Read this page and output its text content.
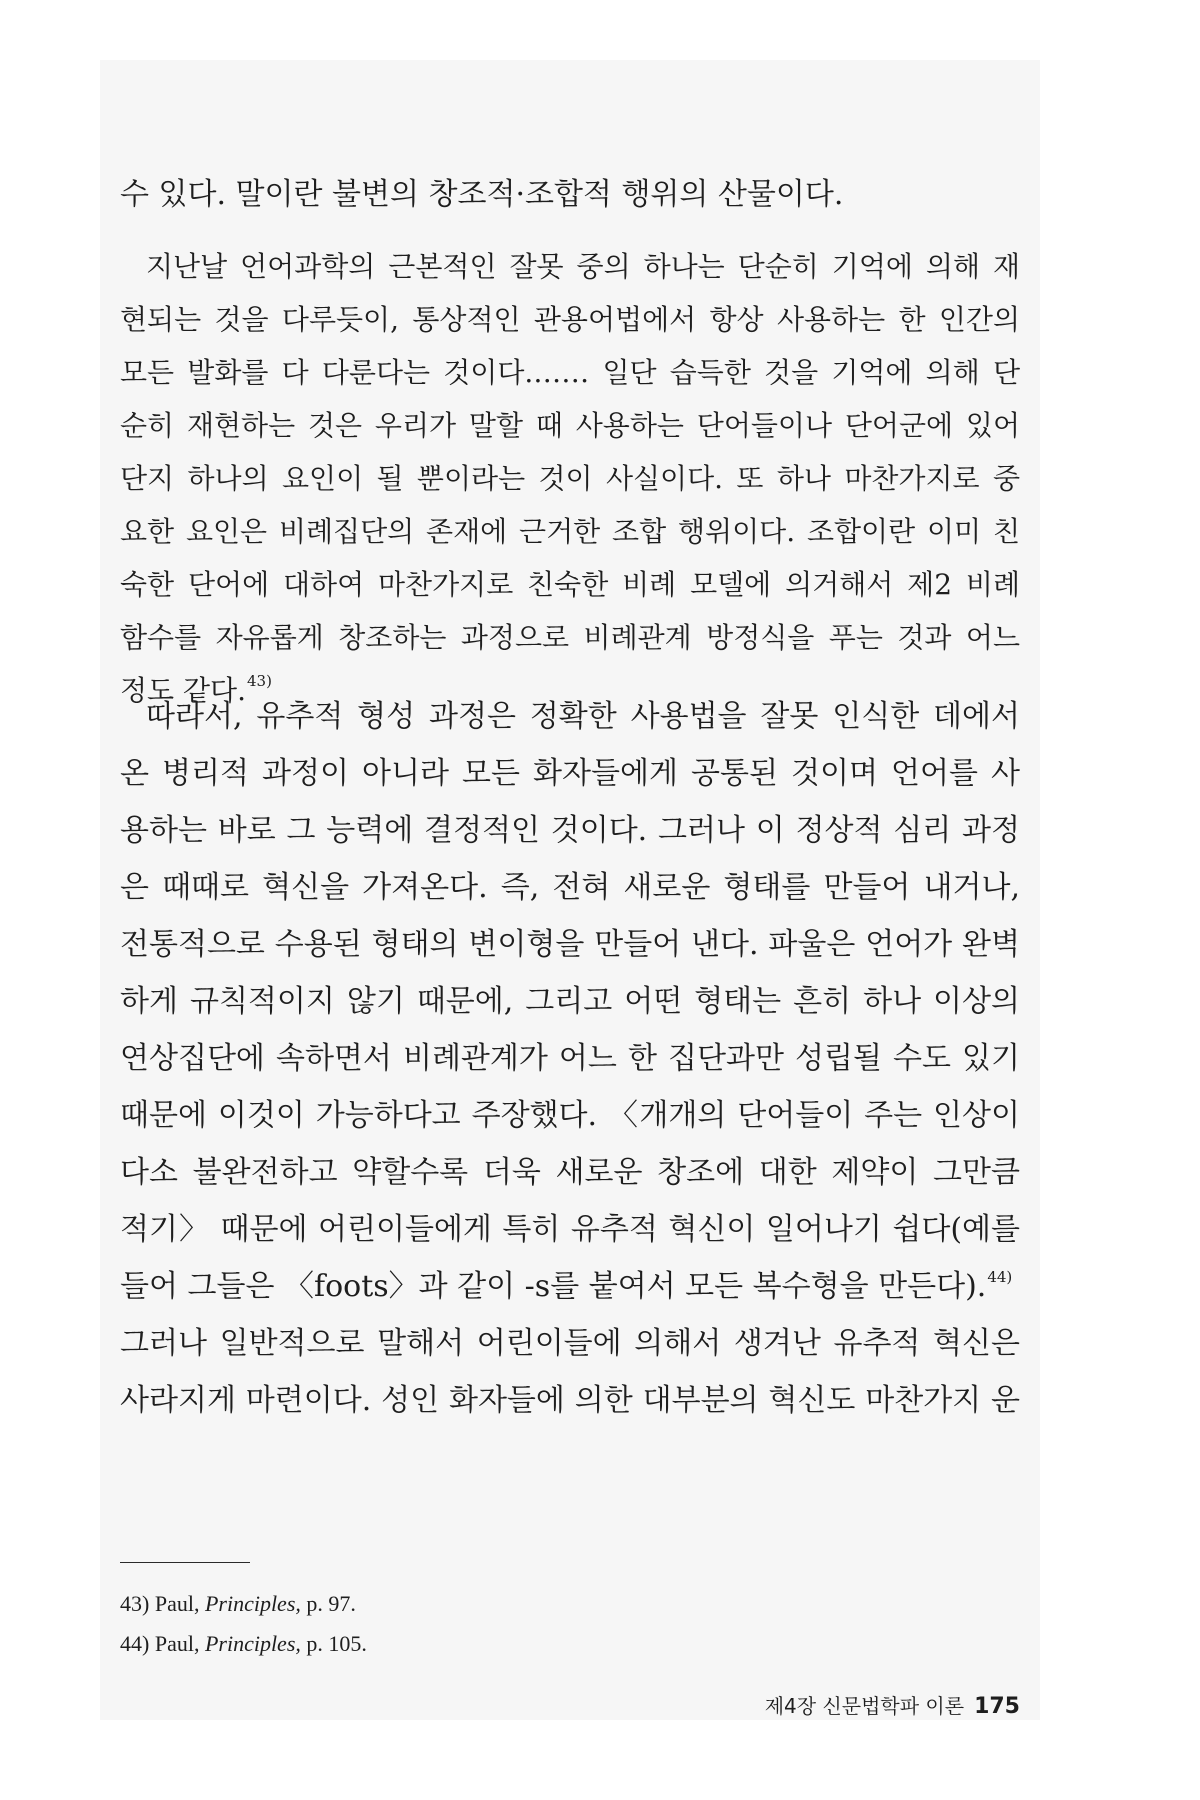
수 있다. 말이란 불변의 창조적·조합적 행위의 산물이다.
지난날 언어과학의 근본적인 잘못 중의 하나는 단순히 기억에 의해 재
현되는 것을 다루듯이, 통상적인 관용어법에서 항상 사용하는 한 인간의
모든 발화를 다 다룬다는 것이다.…… 일단 습득한 것을 기억에 의해 단
순히 재현하는 것은 우리가 말할 때 사용하는 단어들이나 단어군에 있어
단지 하나의 요인이 될 뿐이라는 것이 사실이다. 또 하나 마찬가지로 중
요한 요인은 비례집단의 존재에 근거한 조합 행위이다. 조합이란 이미 친
숙한 단어에 대하여 마찬가지로 친숙한 비례 모델에 의거해서 제2 비례
함수를 자유롭게 창조하는 과정으로 비례관계 방정식을 푸는 것과 어느
정도 같다.$^{43)}$
따라서, 유추적 형성 과정은 정확한 사용법을 잘못 인식한 데에서
온 병리적 과정이 아니라 모든 화자들에게 공통된 것이며 언어를 사
용하는 바로 그 능력에 결정적인 것이다. 그러나 이 정상적 심리 과정
은 때때로 혁신을 가져온다. 즉, 전혀 새로운 형태를 만들어 내거나,
전통적으로 수용된 형태의 변이형을 만들어 낸다. 파울은 언어가 완벽
하게 규칙적이지 않기 때문에, 그리고 어떤 형태는 흔히 하나 이상의
연상집단에 속하면서 비례관계가 어느 한 집단과만 성립될 수도 있기
때문에 이것이 가능하다고 주장했다. 〈개개의 단어들이 주는 인상이
다소 불완전하고 약할수록 더욱 새로운 창조에 대한 제약이 그만큼
적기〉 때문에 어린이들에게 특히 유추적 혁신이 일어나기 쉽다(예를
들어 그들은 〈foots〉과 같이 -s를 붙여서 모든 복수형을 만든다).$^{44)}$
그러나 일반적으로 말해서 어린이들에 의해서 생겨난 유추적 혁신은
사라지게 마련이다. 성인 화자들에 의한 대부분의 혁신도 마찬가지 운
43) Paul, Principles, p. 97.
44) Paul, Principles, p. 105.
제4장 신문법학파 이론 175
